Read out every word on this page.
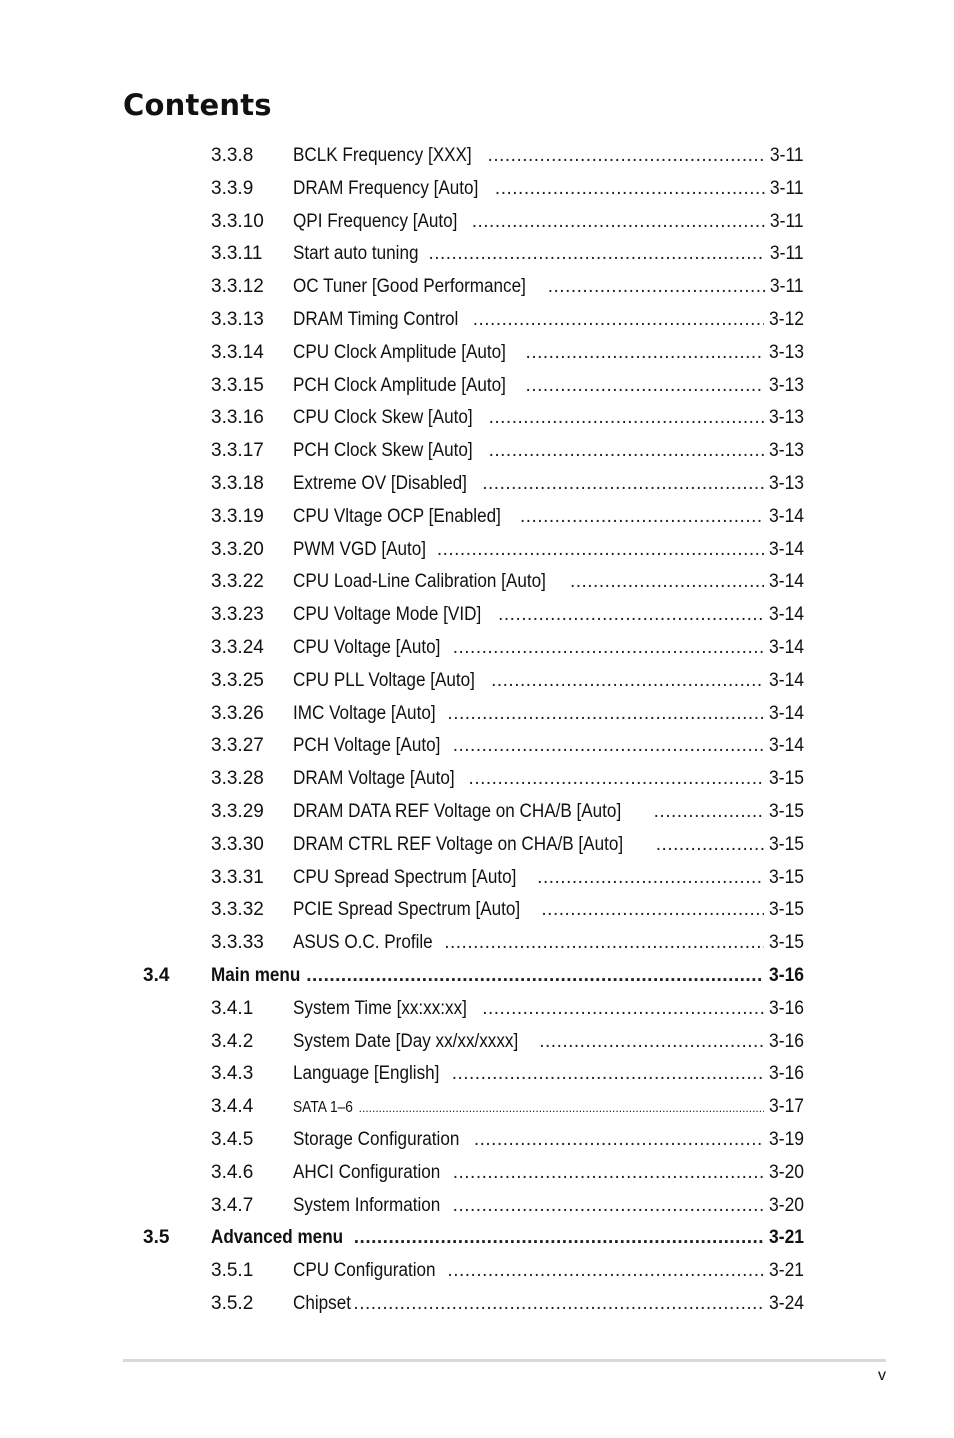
Contents
3.3.8 BCLK Frequency [XXX] .....	3-11
3.3.9 DRAM Frequency [Auto] .....	3-11
3.3.10 QPI Frequency [Auto] .....	3-11
3.3.11 Start auto tuning .....	3-11
3.3.12 OC Tuner [Good Performance] .....	3-11
3.3.13 DRAM Timing Control .....	3-12
3.3.14 CPU Clock Amplitude [Auto] .....	3-13
3.3.15 PCH Clock Amplitude [Auto] .....	3-13
3.3.16 CPU Clock Skew [Auto] .....	3-13
3.3.17 PCH Clock Skew [Auto] .....	3-13
3.3.18 Extreme OV [Disabled] .....	3-13
3.3.19 CPU Vltage OCP [Enabled] .....	3-14
3.3.20 PWM VGD [Auto] .....	3-14
3.3.22 CPU Load-Line Calibration [Auto] .....	3-14
3.3.23 CPU Voltage Mode [VID] .....	3-14
3.3.24 CPU Voltage [Auto] .....	3-14
3.3.25 CPU PLL Voltage [Auto] .....	3-14
3.3.26 IMC Voltage [Auto] .....	3-14
3.3.27 PCH Voltage [Auto] .....	3-14
3.3.28 DRAM Voltage [Auto] .....	3-15
3.3.29 DRAM DATA REF Voltage on CHA/B [Auto] .....	3-15
3.3.30 DRAM CTRL REF Voltage on CHA/B [Auto] .....	3-15
3.3.31 CPU Spread Spectrum [Auto] .....	3-15
3.3.32 PCIE Spread Spectrum [Auto] .....	3-15
3.3.33 ASUS O.C. Profile .....	3-15
3.4 Main menu .....	3-16
3.4.1 System Time [xx:xx:xx] .....	3-16
3.4.2 System Date [Day xx/xx/xxxx] .....	3-16
3.4.3 Language [English] .....	3-16
3.4.4 SATA 1–6 .....	3-17
3.4.5 Storage Configuration .....	3-19
3.4.6 AHCI Configuration .....	3-20
3.4.7 System Information .....	3-20
3.5 Advanced menu .....	3-21
3.5.1 CPU Configuration .....	3-21
3.5.2 Chipset .....	3-24
v
